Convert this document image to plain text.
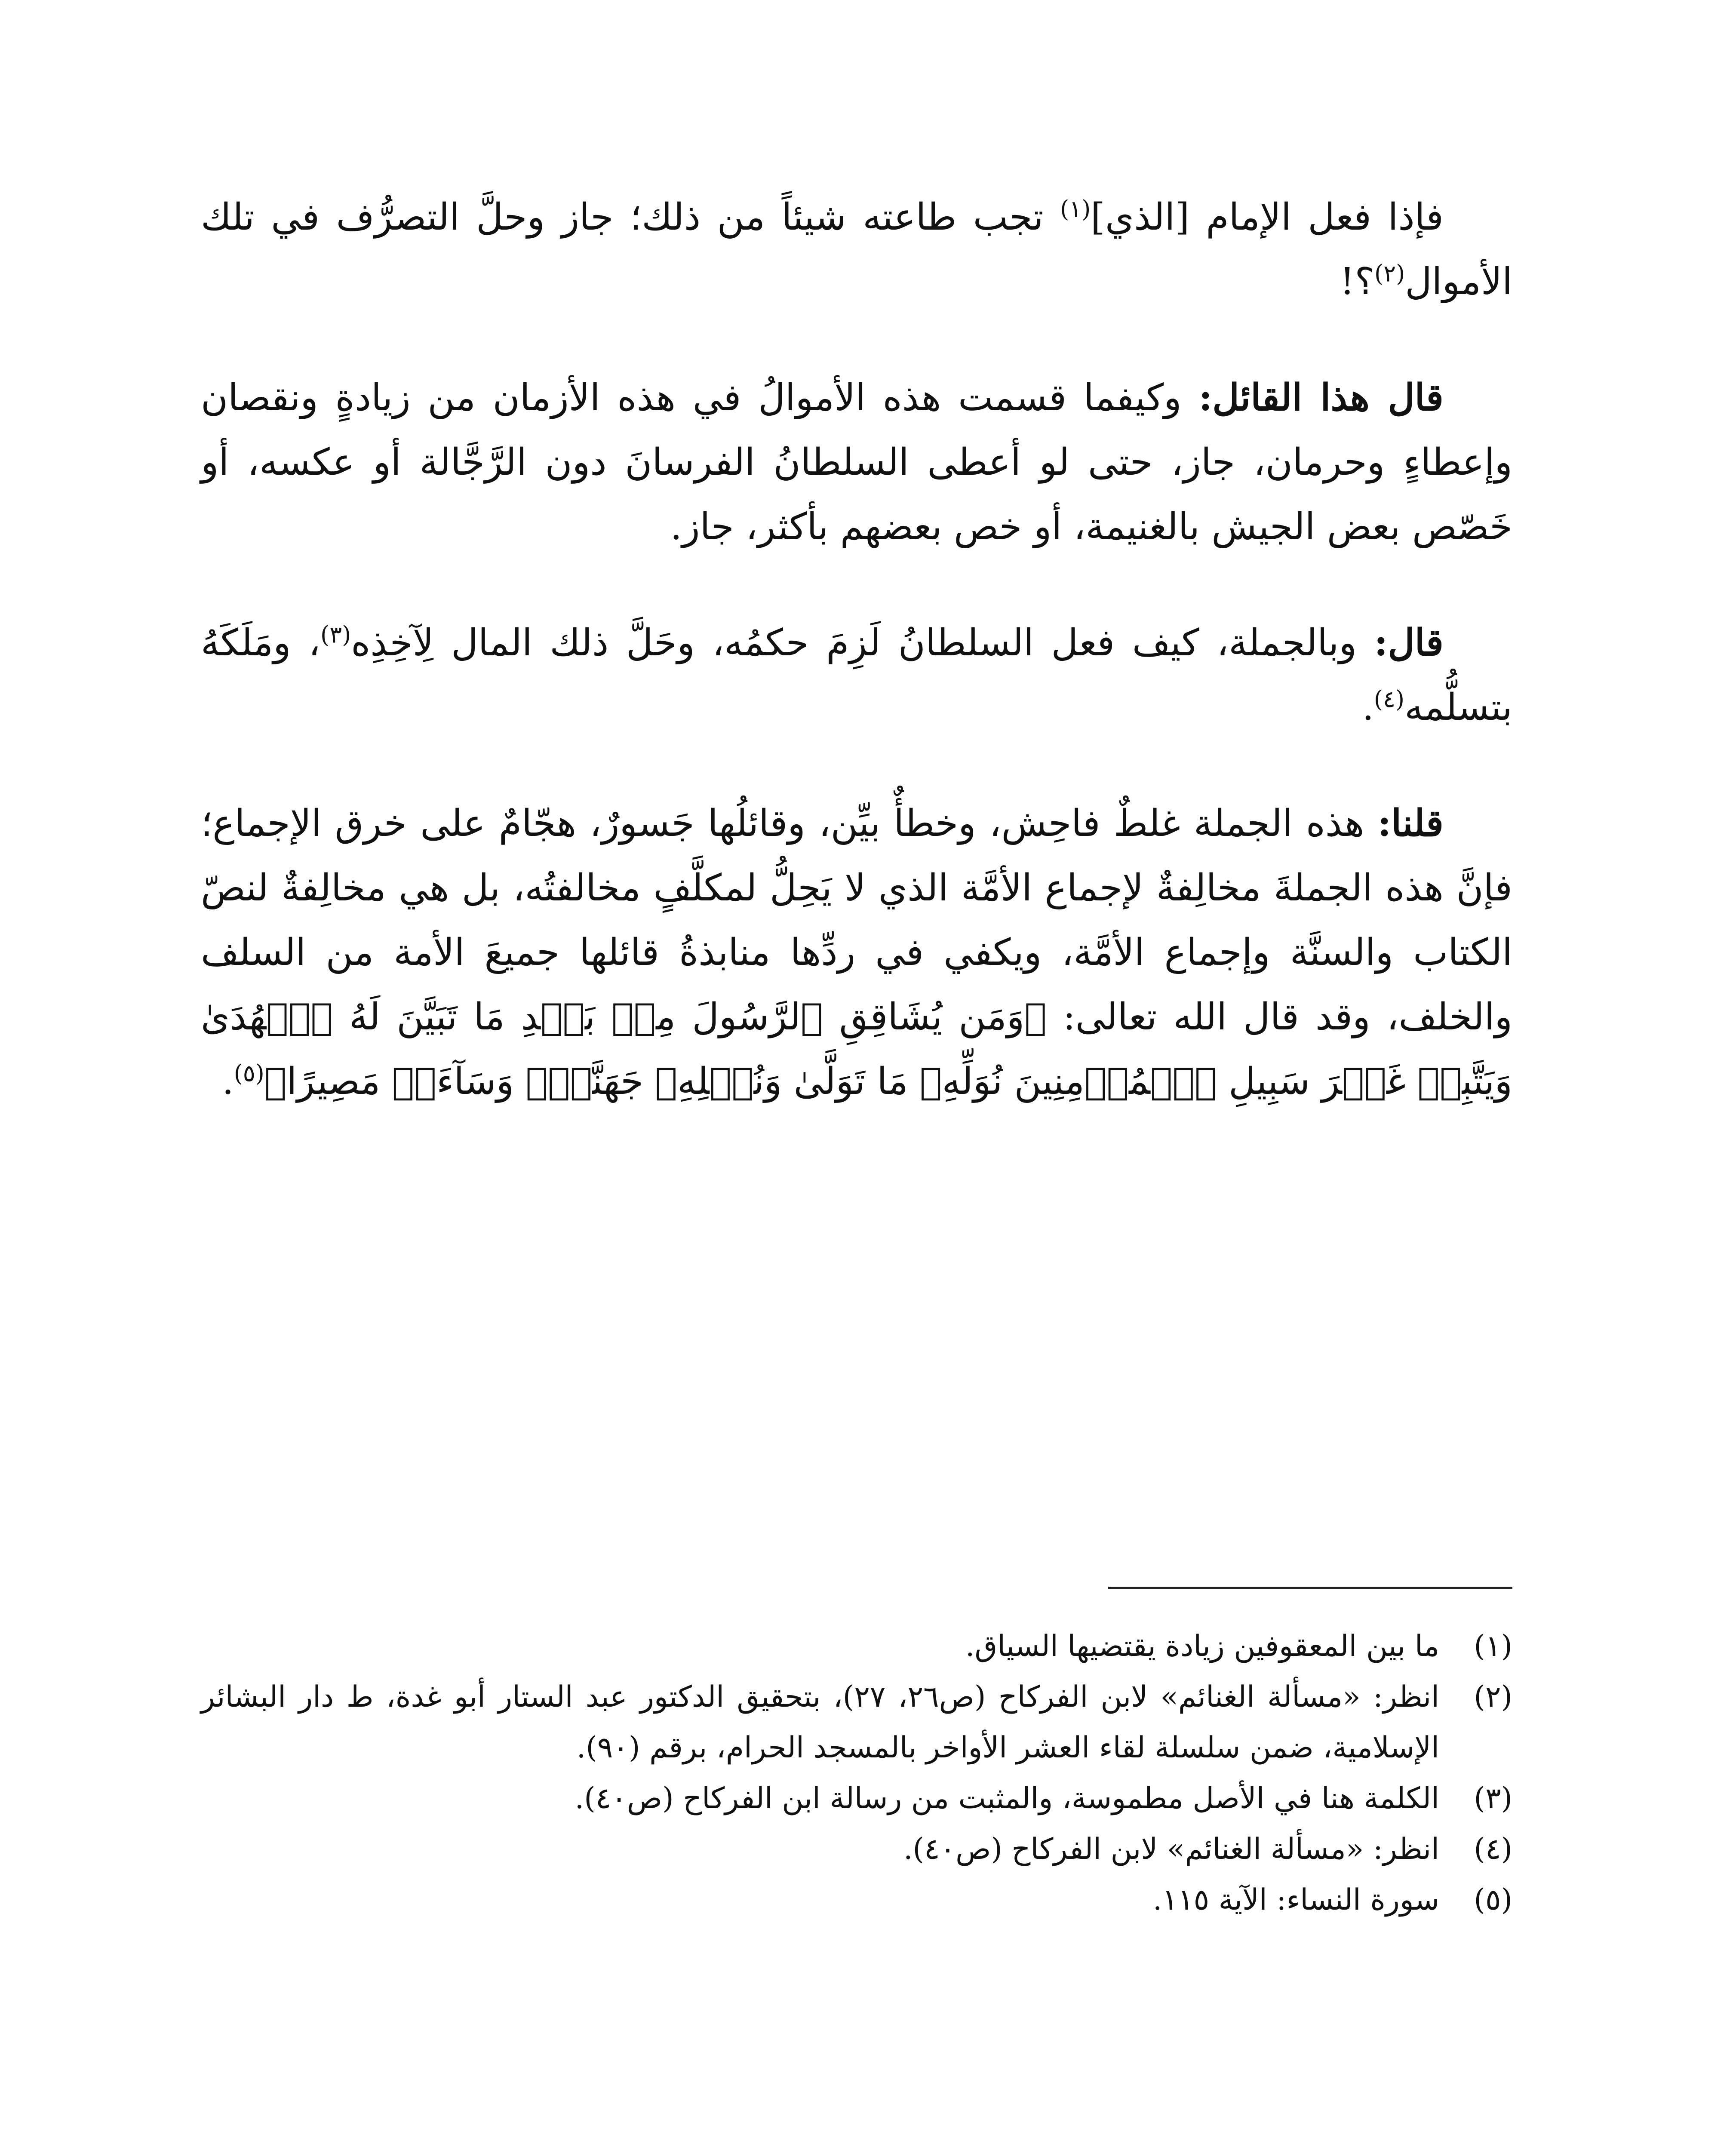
فإذا فعل الإمام [الذي]$^{(١)}$ تجب طاعته شيئاً من ذلك؛ جاز وحلَّ التصرُّف في تلك الأموال$^{(٢)}$؟!

قال هذا القائل: وكيفما قسمت هذه الأموالُ في هذه الأزمان من زيادةٍ ونقصان وإعطاءٍ وحرمان، جاز، حتى لو أعطى السلطانُ الفرسانَ دون الرَّجَّالة أو عكسه، أو خَصّص بعض الجيش بالغنيمة، أو خص بعضهم بأكثر، جاز.

قال: وبالجملة، كيف فعل السلطانُ لَزِمَ حكمُه، وحَلَّ ذلك المال لِآخِذِه$^{(٣)}$، ومَلَكَهُ بتسلُّمه$^{(٤)}$.

قلنا: هذه الجملة غلطٌ فاحِش، وخطأٌ بيِّن، وقائلُها جَسورٌ، هجّامٌ على خرق الإجماع؛ فإنَّ هذه الجملةَ مخالِفةٌ لإجماع الأمَّة الذي لا يَحِلُّ لمكلَّفٍ مخالفتُه، بل هي مخالِفةٌ لنصّ الكتاب والسنَّة وإجماع الأمَّة، ويكفي في ردِّها منابذةُ قائلها جميعَ الأمة من السلف والخلف، وقد قال الله تعالى: ﴿وَمَن يُشَاقِقِ ٱلرَّسُولَ مِنۢ بَعۡدِ مَا تَبَيَّنَ لَهُ ٱلۡهُدَىٰ وَيَتَّبِعۡ غَيۡرَ سَبِيلِ ٱلۡمُؤۡمِنِينَ نُوَلِّهِۦ مَا تَوَلَّىٰ وَنُصۡلِهِۦ جَهَنَّمَۖ وَسَآءَتۡ مَصِيرًا﴾$^{(٥)}$.

(١)
ما بين المعقوفين زيادة يقتضيها السياق.
(٢)
انظر: «مسألة الغنائم» لابن الفركاح (ص٢٦، ٢٧)، بتحقيق الدكتور عبد الستار أبو غدة، ط دار البشائر الإسلامية، ضمن سلسلة لقاء العشر الأواخر بالمسجد الحرام، برقم (٩٠).
(٣)
الكلمة هنا في الأصل مطموسة، والمثبت من رسالة ابن الفركاح (ص٤٠).
(٤)
انظر: «مسألة الغنائم» لابن الفركاح (ص٤٠).
(٥)
سورة النساء: الآية ١١٥.
